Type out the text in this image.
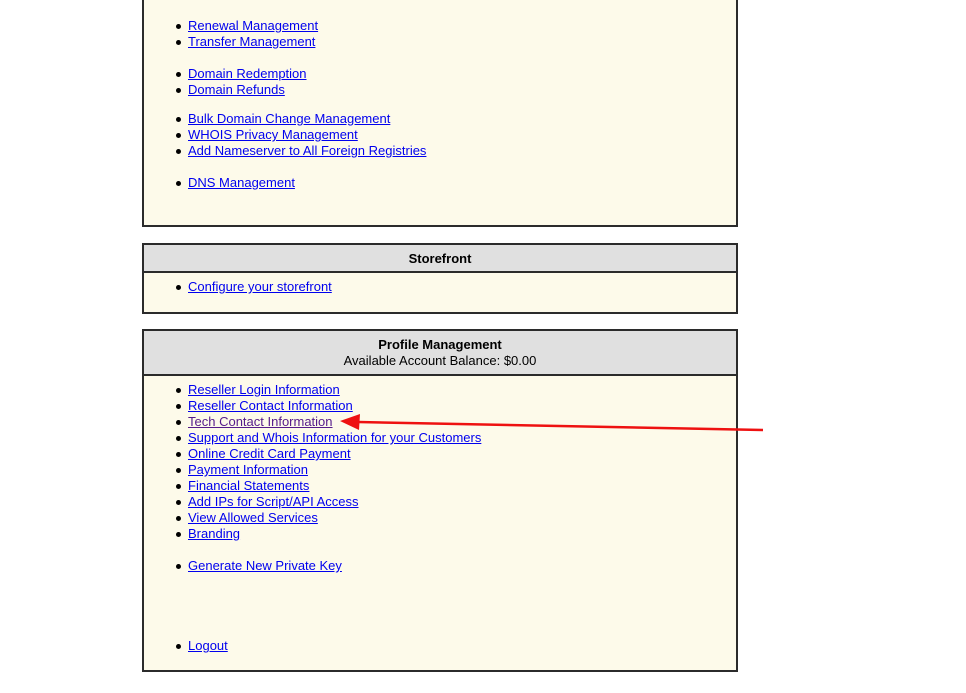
Renewal Management
Transfer Management
Domain Redemption
Domain Refunds
Bulk Domain Change Management
WHOIS Privacy Management
Add Nameserver to All Foreign Registries
DNS Management
Storefront
Configure your storefront
Profile Management
Available Account Balance: $0.00
Reseller Login Information
Reseller Contact Information
Tech Contact Information
Support and Whois Information for your Customers
Online Credit Card Payment
Payment Information
Financial Statements
Add IPs for Script/API Access
View Allowed Services
Branding
Generate New Private Key
Logout
